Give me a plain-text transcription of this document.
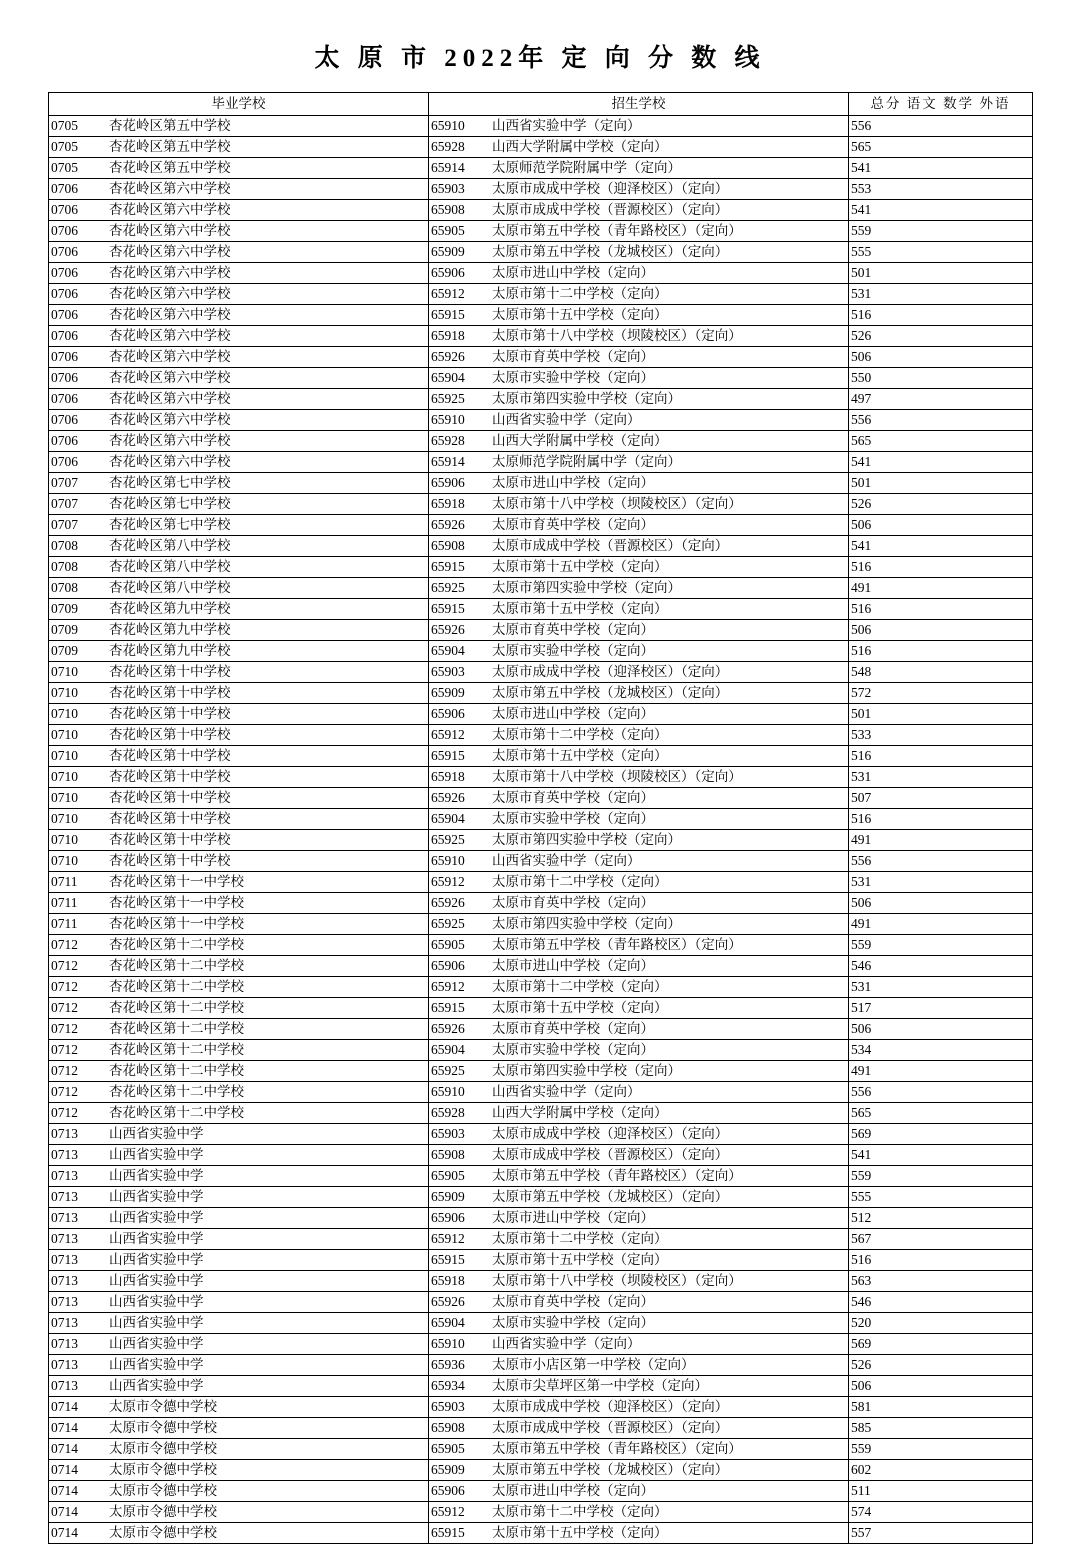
太 原 市 2022年 定 向 分 数 线
毕业学校	招生学校	总分 语文 数学 外语
0705 杏花岭区第五中学校	65910 山西省实验中学（定向）	556
0705 杏花岭区第五中学校	65928 山西大学附属中学校（定向）	565
0705 杏花岭区第五中学校	65914 太原师范学院附属中学（定向）	541
0706 杏花岭区第六中学校	65903 太原市成成中学校（迎泽校区）（定向）	553
0706 杏花岭区第六中学校	65908 太原市成成中学校（晋源校区）（定向）	541
0706 杏花岭区第六中学校	65905 太原市第五中学校（青年路校区）（定向）	559
0706 杏花岭区第六中学校	65909 太原市第五中学校（龙城校区）（定向）	555
0706 杏花岭区第六中学校	65906 太原市进山中学校（定向）	501
0706 杏花岭区第六中学校	65912 太原市第十二中学校（定向）	531
0706 杏花岭区第六中学校	65915 太原市第十五中学校（定向）	516
0706 杏花岭区第六中学校	65918 太原市第十八中学校（坝陵校区）（定向）	526
0706 杏花岭区第六中学校	65926 太原市育英中学校（定向）	506
0706 杏花岭区第六中学校	65904 太原市实验中学校（定向）	550
0706 杏花岭区第六中学校	65925 太原市第四实验中学校（定向）	497
0706 杏花岭区第六中学校	65910 山西省实验中学（定向）	556
0706 杏花岭区第六中学校	65928 山西大学附属中学校（定向）	565
0706 杏花岭区第六中学校	65914 太原师范学院附属中学（定向）	541
0707 杏花岭区第七中学校	65906 太原市进山中学校（定向）	501
0707 杏花岭区第七中学校	65918 太原市第十八中学校（坝陵校区）（定向）	526
0707 杏花岭区第七中学校	65926 太原市育英中学校（定向）	506
0708 杏花岭区第八中学校	65908 太原市成成中学校（晋源校区）（定向）	541
0708 杏花岭区第八中学校	65915 太原市第十五中学校（定向）	516
0708 杏花岭区第八中学校	65925 太原市第四实验中学校（定向）	491
0709 杏花岭区第九中学校	65915 太原市第十五中学校（定向）	516
0709 杏花岭区第九中学校	65926 太原市育英中学校（定向）	506
0709 杏花岭区第九中学校	65904 太原市实验中学校（定向）	516
0710 杏花岭区第十中学校	65903 太原市成成中学校（迎泽校区）（定向）	548
0710 杏花岭区第十中学校	65909 太原市第五中学校（龙城校区）（定向）	572
0710 杏花岭区第十中学校	65906 太原市进山中学校（定向）	501
0710 杏花岭区第十中学校	65912 太原市第十二中学校（定向）	533
0710 杏花岭区第十中学校	65915 太原市第十五中学校（定向）	516
0710 杏花岭区第十中学校	65918 太原市第十八中学校（坝陵校区）（定向）	531
0710 杏花岭区第十中学校	65926 太原市育英中学校（定向）	507
0710 杏花岭区第十中学校	65904 太原市实验中学校（定向）	516
0710 杏花岭区第十中学校	65925 太原市第四实验中学校（定向）	491
0710 杏花岭区第十中学校	65910 山西省实验中学（定向）	556
0711 杏花岭区第十一中学校	65912 太原市第十二中学校（定向）	531
0711 杏花岭区第十一中学校	65926 太原市育英中学校（定向）	506
0711 杏花岭区第十一中学校	65925 太原市第四实验中学校（定向）	491
0712 杏花岭区第十二中学校	65905 太原市第五中学校（青年路校区）（定向）	559
0712 杏花岭区第十二中学校	65906 太原市进山中学校（定向）	546
0712 杏花岭区第十二中学校	65912 太原市第十二中学校（定向）	531
0712 杏花岭区第十二中学校	65915 太原市第十五中学校（定向）	517
0712 杏花岭区第十二中学校	65926 太原市育英中学校（定向）	506
0712 杏花岭区第十二中学校	65904 太原市实验中学校（定向）	534
0712 杏花岭区第十二中学校	65925 太原市第四实验中学校（定向）	491
0712 杏花岭区第十二中学校	65910 山西省实验中学（定向）	556
0712 杏花岭区第十二中学校	65928 山西大学附属中学校（定向）	565
0713 山西省实验中学	65903 太原市成成中学校（迎泽校区）（定向）	569
0713 山西省实验中学	65908 太原市成成中学校（晋源校区）（定向）	541
0713 山西省实验中学	65905 太原市第五中学校（青年路校区）（定向）	559
0713 山西省实验中学	65909 太原市第五中学校（龙城校区）（定向）	555
0713 山西省实验中学	65906 太原市进山中学校（定向）	512
0713 山西省实验中学	65912 太原市第十二中学校（定向）	567
0713 山西省实验中学	65915 太原市第十五中学校（定向）	516
0713 山西省实验中学	65918 太原市第十八中学校（坝陵校区）（定向）	563
0713 山西省实验中学	65926 太原市育英中学校（定向）	546
0713 山西省实验中学	65904 太原市实验中学校（定向）	520
0713 山西省实验中学	65910 山西省实验中学（定向）	569
0713 山西省实验中学	65936 太原市小店区第一中学校（定向）	526
0713 山西省实验中学	65934 太原市尖草坪区第一中学校（定向）	506
0714 太原市令德中学校	65903 太原市成成中学校（迎泽校区）（定向）	581
0714 太原市令德中学校	65908 太原市成成中学校（晋源校区）（定向）	585
0714 太原市令德中学校	65905 太原市第五中学校（青年路校区）（定向）	559
0714 太原市令德中学校	65909 太原市第五中学校（龙城校区）（定向）	602
0714 太原市令德中学校	65906 太原市进山中学校（定向）	511
0714 太原市令德中学校	65912 太原市第十二中学校（定向）	574
0714 太原市令德中学校	65915 太原市第十五中学校（定向）	557
